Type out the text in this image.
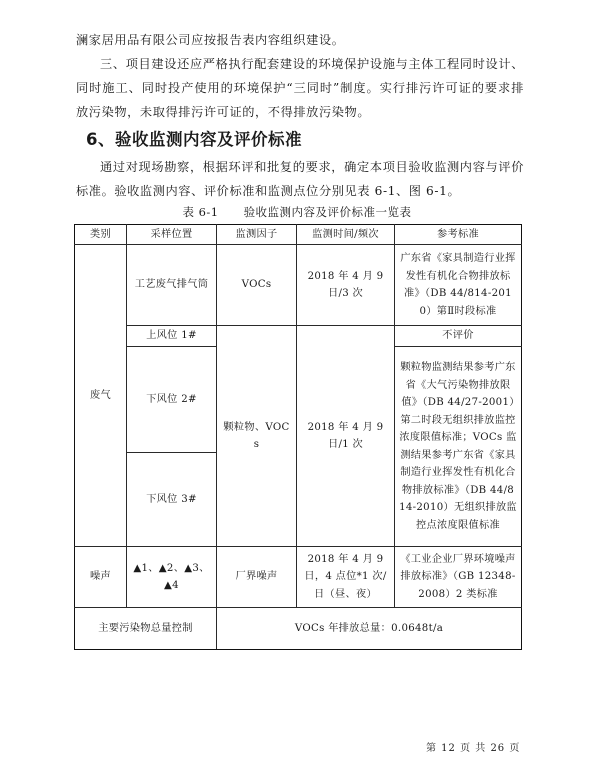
澜家居用品有限公司应按报告表内容组织建设。

三、项目建设还应严格执行配套建设的环境保护设施与主体工程同时设计、同时施工、同时投产使用的环境保护“三同时”制度。实行排污许可证的要求排放污染物，未取得排污许可证的，不得排放污染物。

6、验收监测内容及评价标准

通过对现场勘察，根据环评和批复的要求，确定本项目验收监测内容与评价标准。验收监测内容、评价标准和监测点位分别见表 6-1、图 6-1。

表 6-1 验收监测内容及评价标准一览表
类别	采样位置	监测因子	监测时间/频次	参考标准
废气	工艺废气排气筒	VOCs	2018 年 4 月 9 日/3 次	广东省《家具制造行业挥发性有机化合物排放标准》（DB 44/814-2010）第Ⅱ时段标准
	上风位 1#	颗粒物、VOCs	2018 年 4 月 9 日/1 次	不评价
	下风位 2#			颗粒物监测结果参考广东省《大气污染物排放限值》（DB 44/27-2001）第二时段无组织排放监控浓度限值标准；VOCs 监测结果参考广东省《家具制造行业挥发性有机化合物排放标准》（DB 44/814-2010）无组织排放监控点浓度限值标准
	下风位 3#			
噪声	▲1、▲2、▲3、▲4	厂界噪声	2018 年 4 月 9 日，4 点位*1 次/日（昼、夜）	《工业企业厂界环境噪声排放标准》（GB 12348-2008）2 类标准
主要污染物总量控制		VOCs 年排放总量：0.0648t/a		
第 12 页 共 26 页
